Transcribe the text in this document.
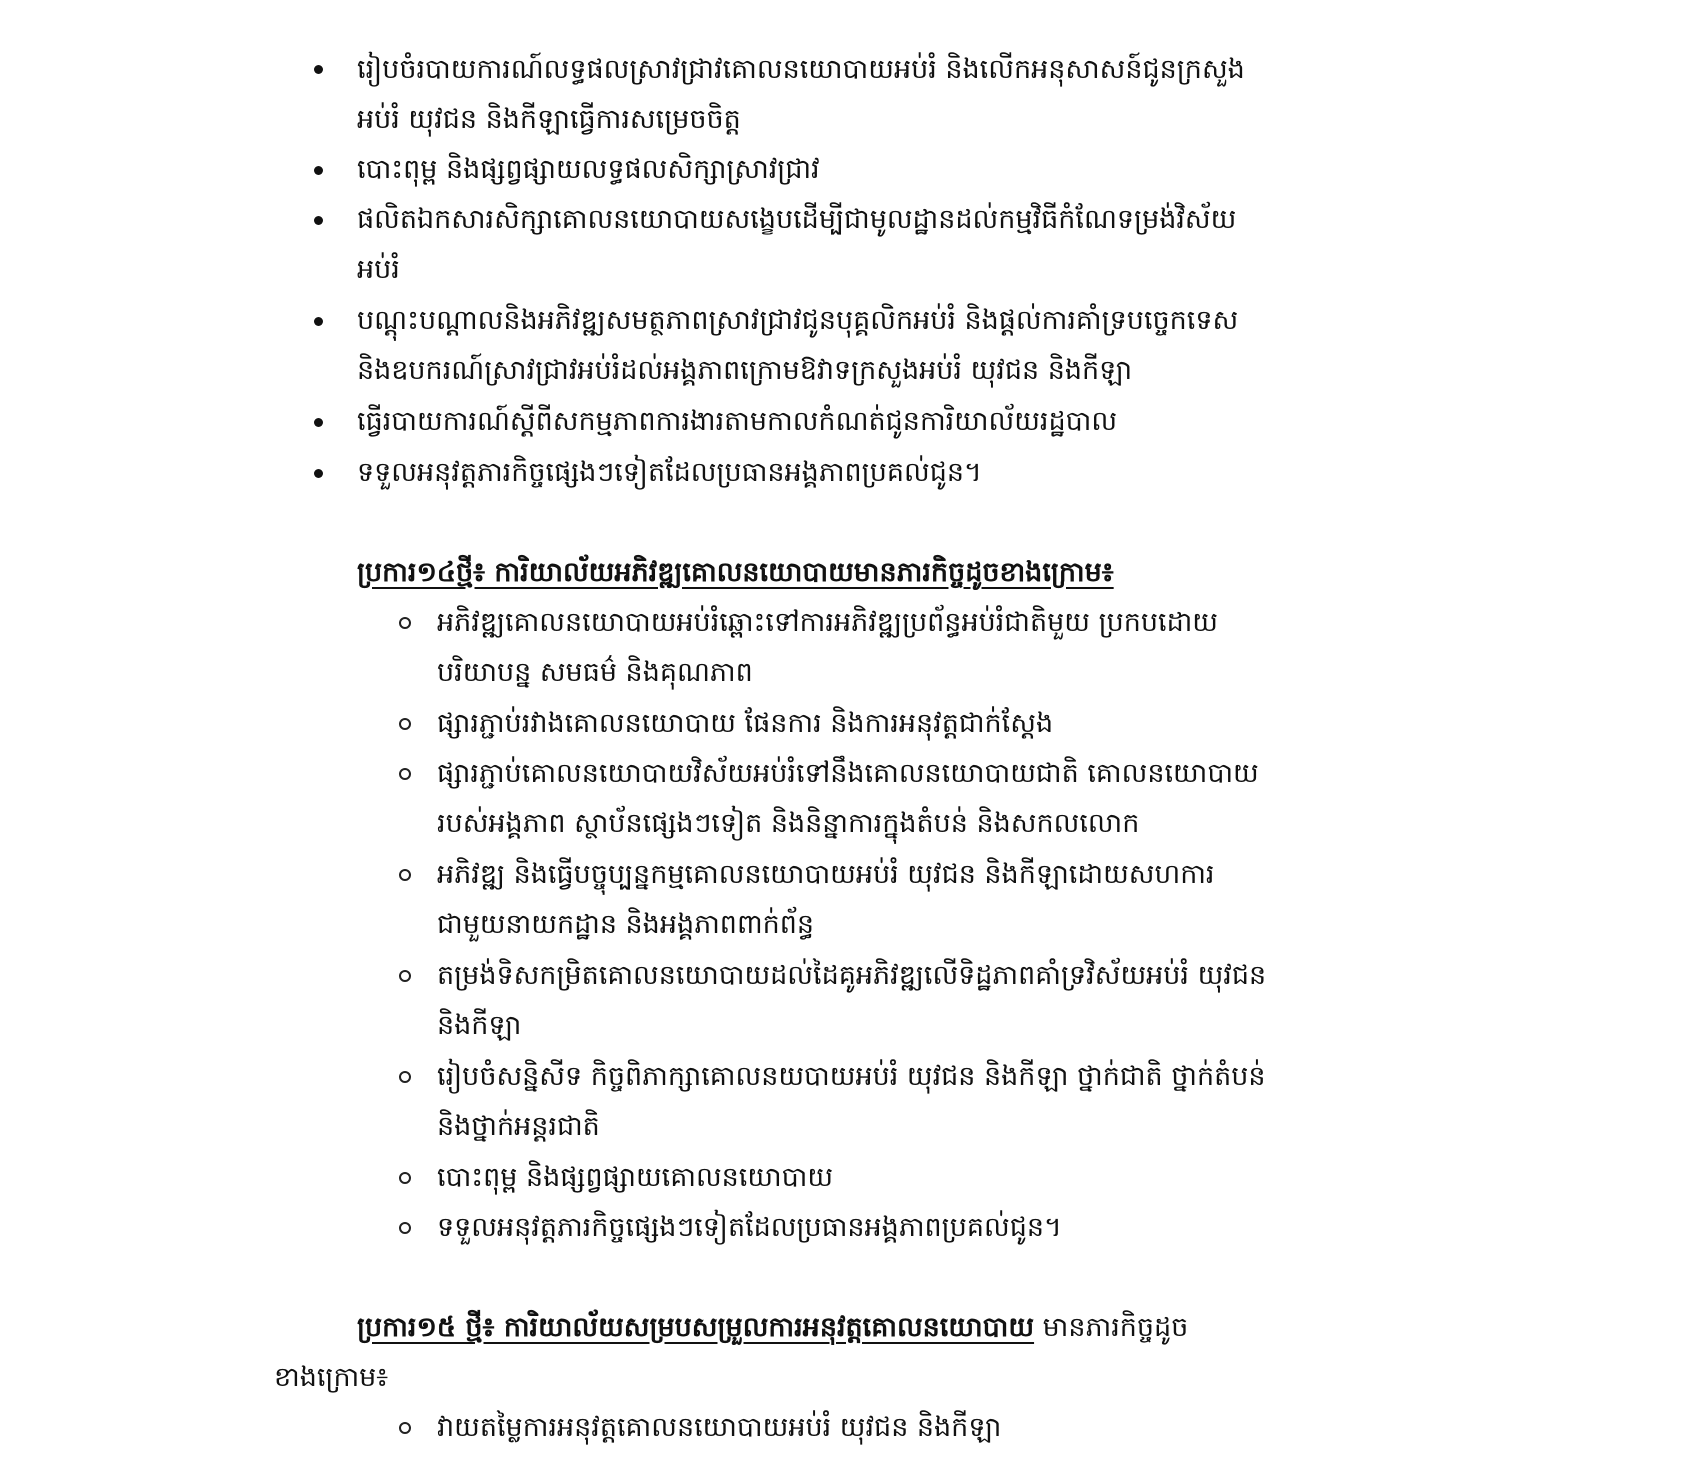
រៀបចំរបាយការណ៍លទ្ធផលស្រាវជ្រាវគោលនយោបាយអប់រំ និងលើកអនុសាសន៍ជូនក្រសួង
អប់រំ យុវជន និងកីឡាធ្វើការសម្រេចចិត្ត
បោះពុម្ព និងផ្សព្វផ្សាយលទ្ធផលសិក្សាស្រាវជ្រាវ
ផលិតឯកសារសិក្សាគោលនយោបាយសង្ខេបដើម្បីជាមូលដ្ឋានដល់កម្មវិធីកំណែទម្រង់វិស័យ
អប់រំ
បណ្តុះបណ្តាលនិងអភិវឌ្ឍសមត្ថភាពស្រាវជ្រាវជូនបុគ្គលិកអប់រំ និងផ្តល់ការគាំទ្របច្ចេកទេស
និងឧបករណ៍ស្រាវជ្រាវអប់រំដល់អង្គភាពក្រោមឱវាទក្រសួងអប់រំ យុវជន និងកីឡា
ធ្វើរបាយការណ៍ស្តីពីសកម្មភាពការងារតាមកាលកំណត់ជូនការិយាល័យរដ្ឋបាល
ទទួលអនុវត្តភារកិច្ចផ្សេងៗទៀតដែលប្រធានអង្គភាពប្រគល់ជូន។
ប្រការ១៤ថ្មី៖ ការិយាល័យអភិវឌ្ឍគោលនយោបាយមានភារកិច្ចដូចខាងក្រោម៖
អភិវឌ្ឍគោលនយោបាយអប់រំឆ្ពោះទៅការអភិវឌ្ឍប្រព័ន្ធអប់រំជាតិមួយ ប្រកបដោយ
បរិយាបន្ន សមធម៌ និងគុណភាព
ផ្សារភ្ជាប់រវាងគោលនយោបាយ ផែនការ និងការអនុវត្តជាក់ស្តែង
ផ្សារភ្ជាប់គោលនយោបាយវិស័យអប់រំទៅនឹងគោលនយោបាយជាតិ គោលនយោបាយ
របស់អង្គភាព ស្ថាប័នផ្សេងៗទៀត និងនិន្នាការក្នុងតំបន់ និងសកលលោក
អភិវឌ្ឍ និងធ្វើបច្ចុប្បន្នកម្មគោលនយោបាយអប់រំ យុវជន និងកីឡាដោយសហការ
ជាមួយនាយកដ្ឋាន និងអង្គភាពពាក់ព័ន្ធ
តម្រង់ទិសកម្រិតគោលនយោបាយដល់ដៃគូអភិវឌ្ឍលើទិដ្ឋភាពគាំទ្រវិស័យអប់រំ យុវជន
និងកីឡា
រៀបចំសន្និសីទ កិច្ចពិភាក្សាគោលនយបាយអប់រំ យុវជន និងកីឡា ថ្នាក់ជាតិ ថ្នាក់តំបន់
និងថ្នាក់អន្តរជាតិ
បោះពុម្ព និងផ្សព្វផ្សាយគោលនយោបាយ
ទទួលអនុវត្តភារកិច្ចផ្សេងៗទៀតដែលប្រធានអង្គភាពប្រគល់ជូន។
ប្រការ១៥ ថ្មី៖ ការិយាល័យសម្របសម្រួលការអនុវត្តគោលនយោបាយ មានភារកិច្ចដូច
ខាងក្រោម៖
វាយតម្លៃការអនុវត្តគោលនយោបាយអប់រំ យុវជន និងកីឡា
